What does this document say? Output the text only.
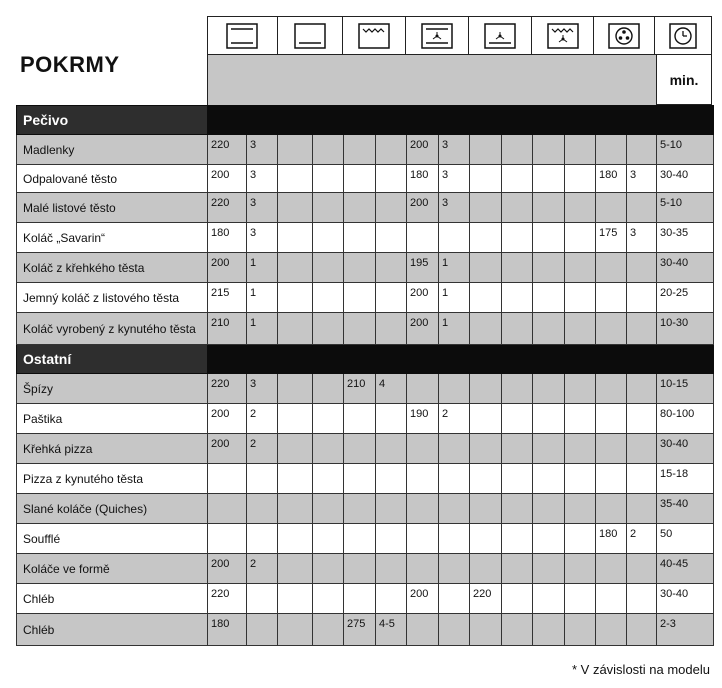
POKRMY
min.
Pečivo															
Madlenky	220	3					200	3							5-10

Odpalované těsto	200	3					180	3					180	3	30-40

Malé listové těsto	220	3					200	3							5-10

Koláč „Savarin“	180	3											175	3	30-35

Koláč z křehkého těsta	200	1					195	1							30-40

Jemný koláč z listového těsta	215	1					200	1							20-25

Koláč vyrobený z kynutého těsta	210	1					200	1							10-30

Ostatní															
Špízy	220	3			210	4									10-15

Paštika	200	2					190	2							80-100

Křehká pizza	200	2													30-40

Pizza z kynutého těsta															15-18

Slané koláče (Quiches)															35-40

Soufflé													180	2	50

Koláče ve formě	200	2													40-45

Chléb	220						200		220						30-40

Chléb	180				275	4-5									2-3
* V závislosti na modelu
